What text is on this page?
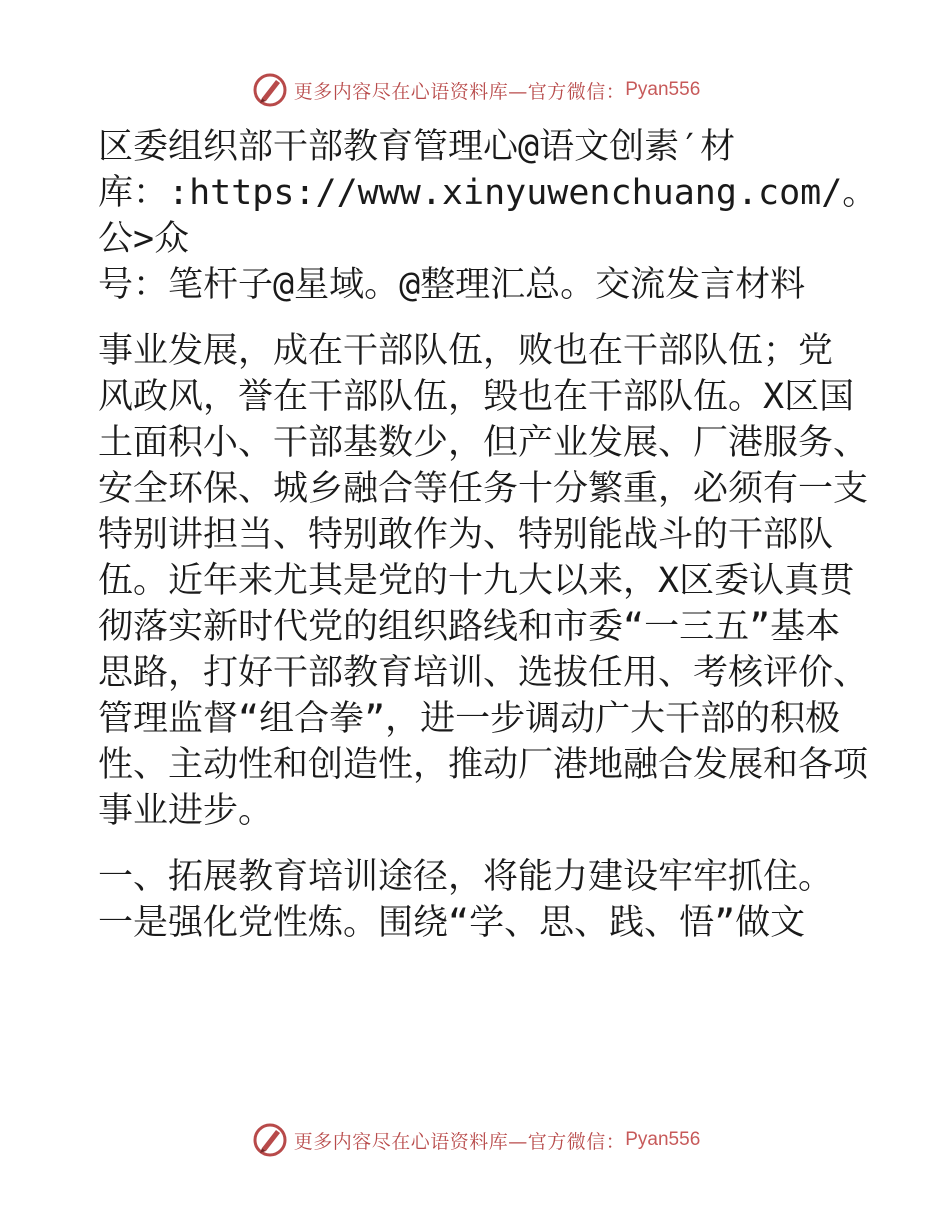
更多内容尽在心语资料库—官方微信： Pyan556

区委组织部干部教育管理心@语文创素′材
库：:https://www.xinyuwenchuang.com/。公>众
号：笔杆子@星域。@整理汇总。交流发言材料

事业发展，成在干部队伍，败也在干部队伍；党
风政风，誉在干部队伍，毁也在干部队伍。X区国
土面积小、干部基数少，但产业发展、厂港服务、
安全环保、城乡融合等任务十分繁重，必须有一支
特别讲担当、特别敢作为、特别能战斗的干部队
伍。近年来尤其是党的十九大以来，X区委认真贯
彻落实新时代党的组织路线和市委“一三五”基本
思路，打好干部教育培训、选拔任用、考核评价、
管理监督“组合拳”，进一步调动广大干部的积极
性、主动性和创造性，推动厂港地融合发展和各项
事业进步。

一、拓展教育培训途径，将能力建设牢牢抓住。
一是强化党性炼。围绕“学、思、践、悟”做文

更多内容尽在心语资料库—官方微信： Pyan556
